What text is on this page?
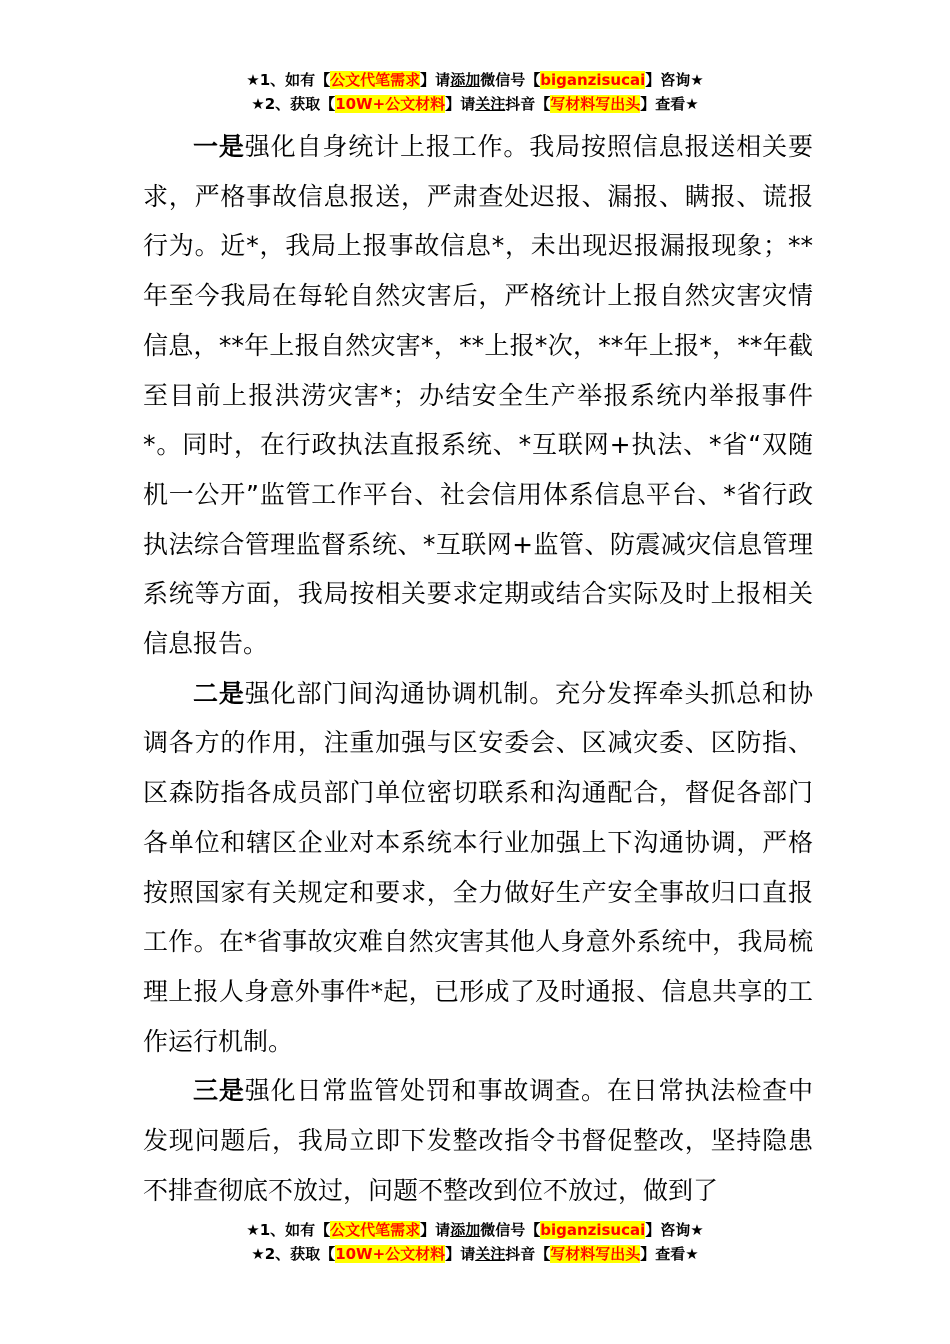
★1、如有【公文代笔需求】请添加微信号【biganzisucai】咨询★
★2、获取【10W+公文材料】请关注抖音【写材料写出头】查看★

一是强化自身统计上报工作。我局按照信息报送相关要求，严格事故信息报送，严肃查处迟报、漏报、瞒报、谎报行为。近*，我局上报事故信息*，未出现迟报漏报现象；**年至今我局在每轮自然灾害后，严格统计上报自然灾害灾情信息，**年上报自然灾害*，**上报*次，**年上报*，**年截至目前上报洪涝灾害*；办结安全生产举报系统内举报事件*。同时，在行政执法直报系统、*互联网+执法、*省“双随机一公开”监管工作平台、社会信用体系信息平台、*省行政执法综合管理监督系统、*互联网+监管、防震减灾信息管理系统等方面，我局按相关要求定期或结合实际及时上报相关信息报告。

二是强化部门间沟通协调机制。充分发挥牵头抓总和协调各方的作用，注重加强与区安委会、区减灾委、区防指、区森防指各成员部门单位密切联系和沟通配合，督促各部门各单位和辖区企业对本系统本行业加强上下沟通协调，严格按照国家有关规定和要求，全力做好生产安全事故归口直报工作。在*省事故灾难自然灾害其他人身意外系统中，我局梳理上报人身意外事件*起，已形成了及时通报、信息共享的工作运行机制。

三是强化日常监管处罚和事故调查。在日常执法检查中发现问题后，我局立即下发整改指令书督促整改，坚持隐患不排查彻底不放过，问题不整改到位不放过，做到了

★1、如有【公文代笔需求】请添加微信号【biganzisucai】咨询★
★2、获取【10W+公文材料】请关注抖音【写材料写出头】查看★
